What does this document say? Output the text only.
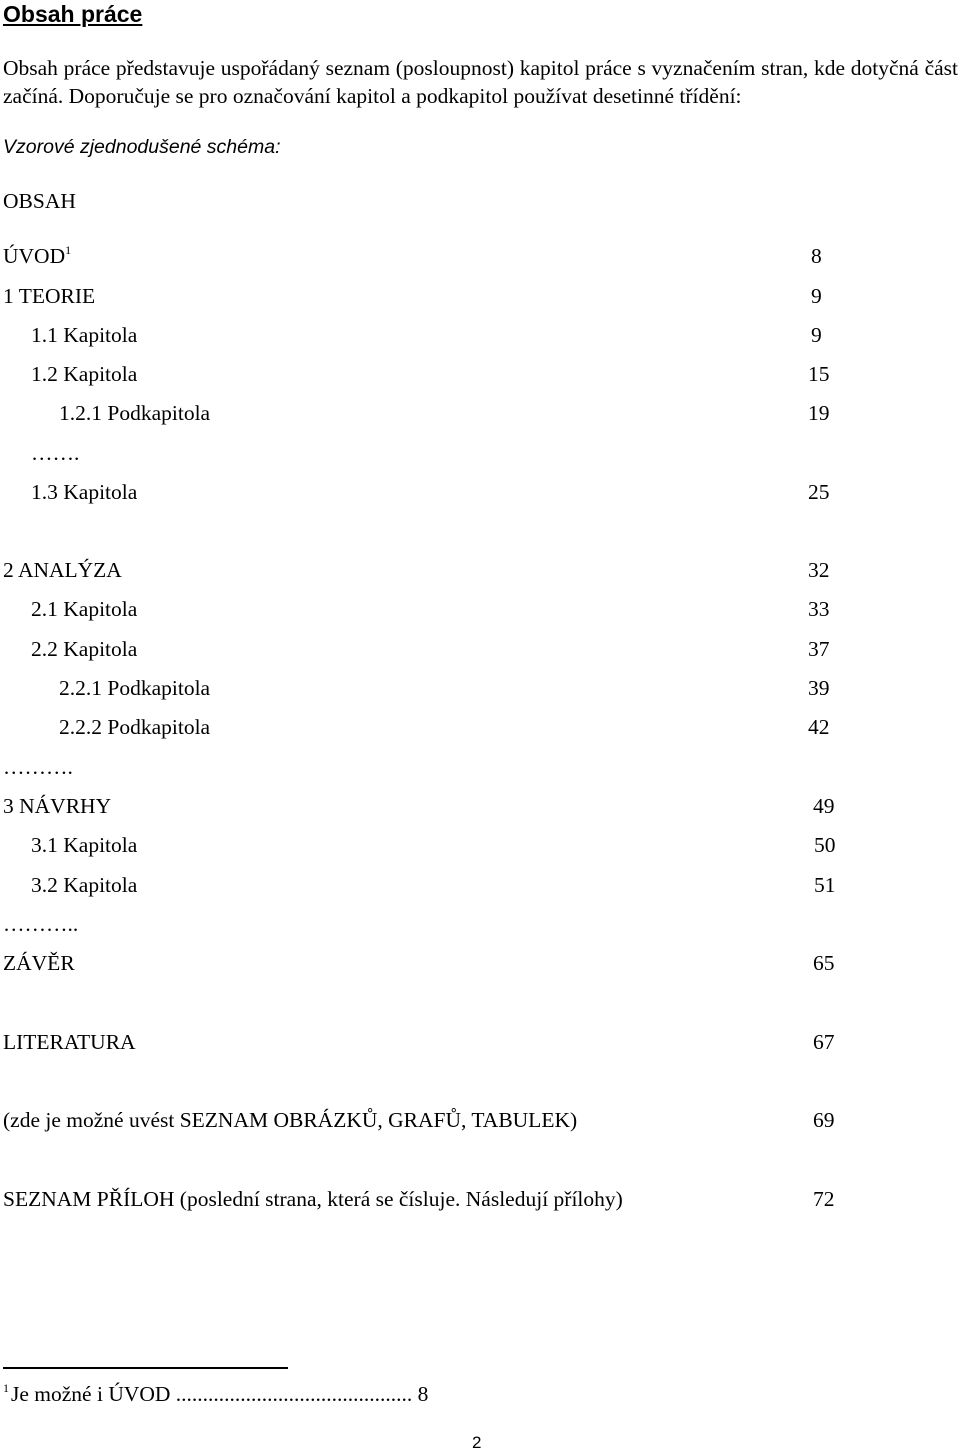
Obsah práce
Obsah práce představuje uspořádaný seznam (posloupnost) kapitol práce s vyznačením stran, kde dotyčná část začíná. Doporučuje se pro označování kapitol a podkapitol používat desetinné třídění:
Vzorové zjednodušené schéma:
OBSAH
ÚVOD$^1$	8
1 TEORIE	9
1.1 Kapitola	9
1.2 Kapitola	15
1.2.1 Podkapitola	19
…….
1.3 Kapitola	25
2 ANALÝZA	32
2.1 Kapitola	33
2.2 Kapitola	37
2.2.1 Podkapitola	39
2.2.2 Podkapitola	42
……….
3 NÁVRHY	49
3.1 Kapitola	50
3.2 Kapitola	51
………..
ZÁVĚR	65
LITERATURA	67
(zde je možné uvést SEZNAM OBRÁZKŮ, GRAFŮ, TABULEK)	69
SEZNAM PŘÍLOH (poslední strana, která se čísluje. Následují přílohy)	72
$^1$Je možné i ÚVOD ............................................ 8
2
